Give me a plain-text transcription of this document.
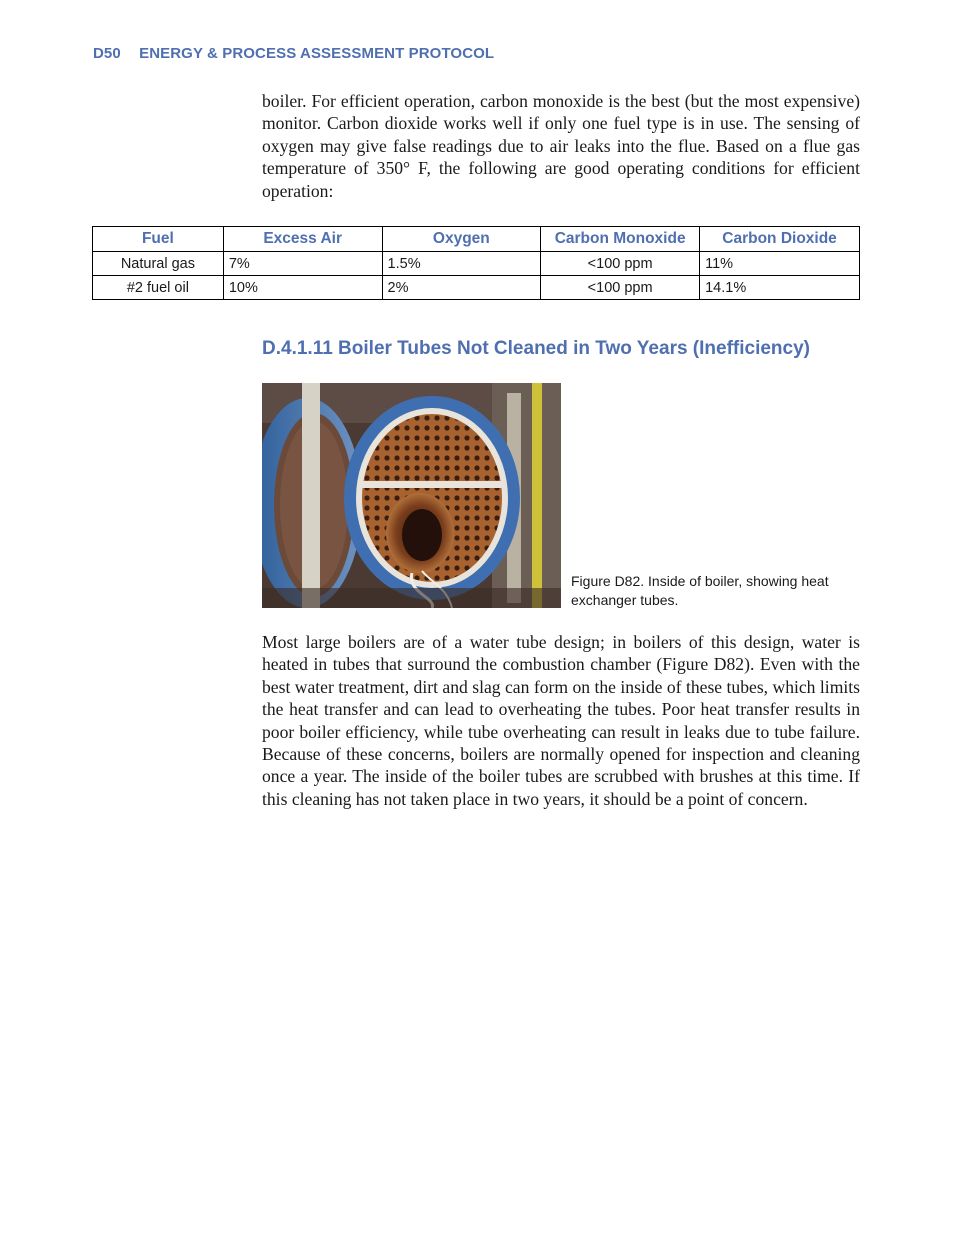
D50 ENERGY & PROCESS ASSESSMENT PROTOCOL

boiler. For efficient operation, carbon monoxide is the best (but the most expensive) monitor. Carbon dioxide works well if only one fuel type is in use. The sensing of oxygen may give false readings due to air leaks into the flue. Based on a flue gas temperature of 350° F, the following are good operating conditions for efficient operation:

Fuel	Excess Air	Oxygen	Carbon Monoxide	Carbon Dioxide
Natural gas	7%	1.5%	<100 ppm	11%
#2 fuel oil	10%	2%	<100 ppm	14.1%
D.4.1.11 Boiler Tubes Not Cleaned in Two Years (Inefficiency)
Figure D82. Inside of boiler, showing heat exchanger tubes.

Most large boilers are of a water tube design; in boilers of this design, water is heated in tubes that surround the combustion chamber (Figure D82). Even with the best water treatment, dirt and slag can form on the inside of these tubes, which limits the heat transfer and can lead to overheating the tubes. Poor heat transfer results in poor boiler efficiency, while tube overheating can result in leaks due to tube failure. Because of these concerns, boilers are normally opened for inspection and cleaning once a year. The inside of the boiler tubes are scrubbed with brushes at this time. If this cleaning has not taken place in two years, it should be a point of concern.
